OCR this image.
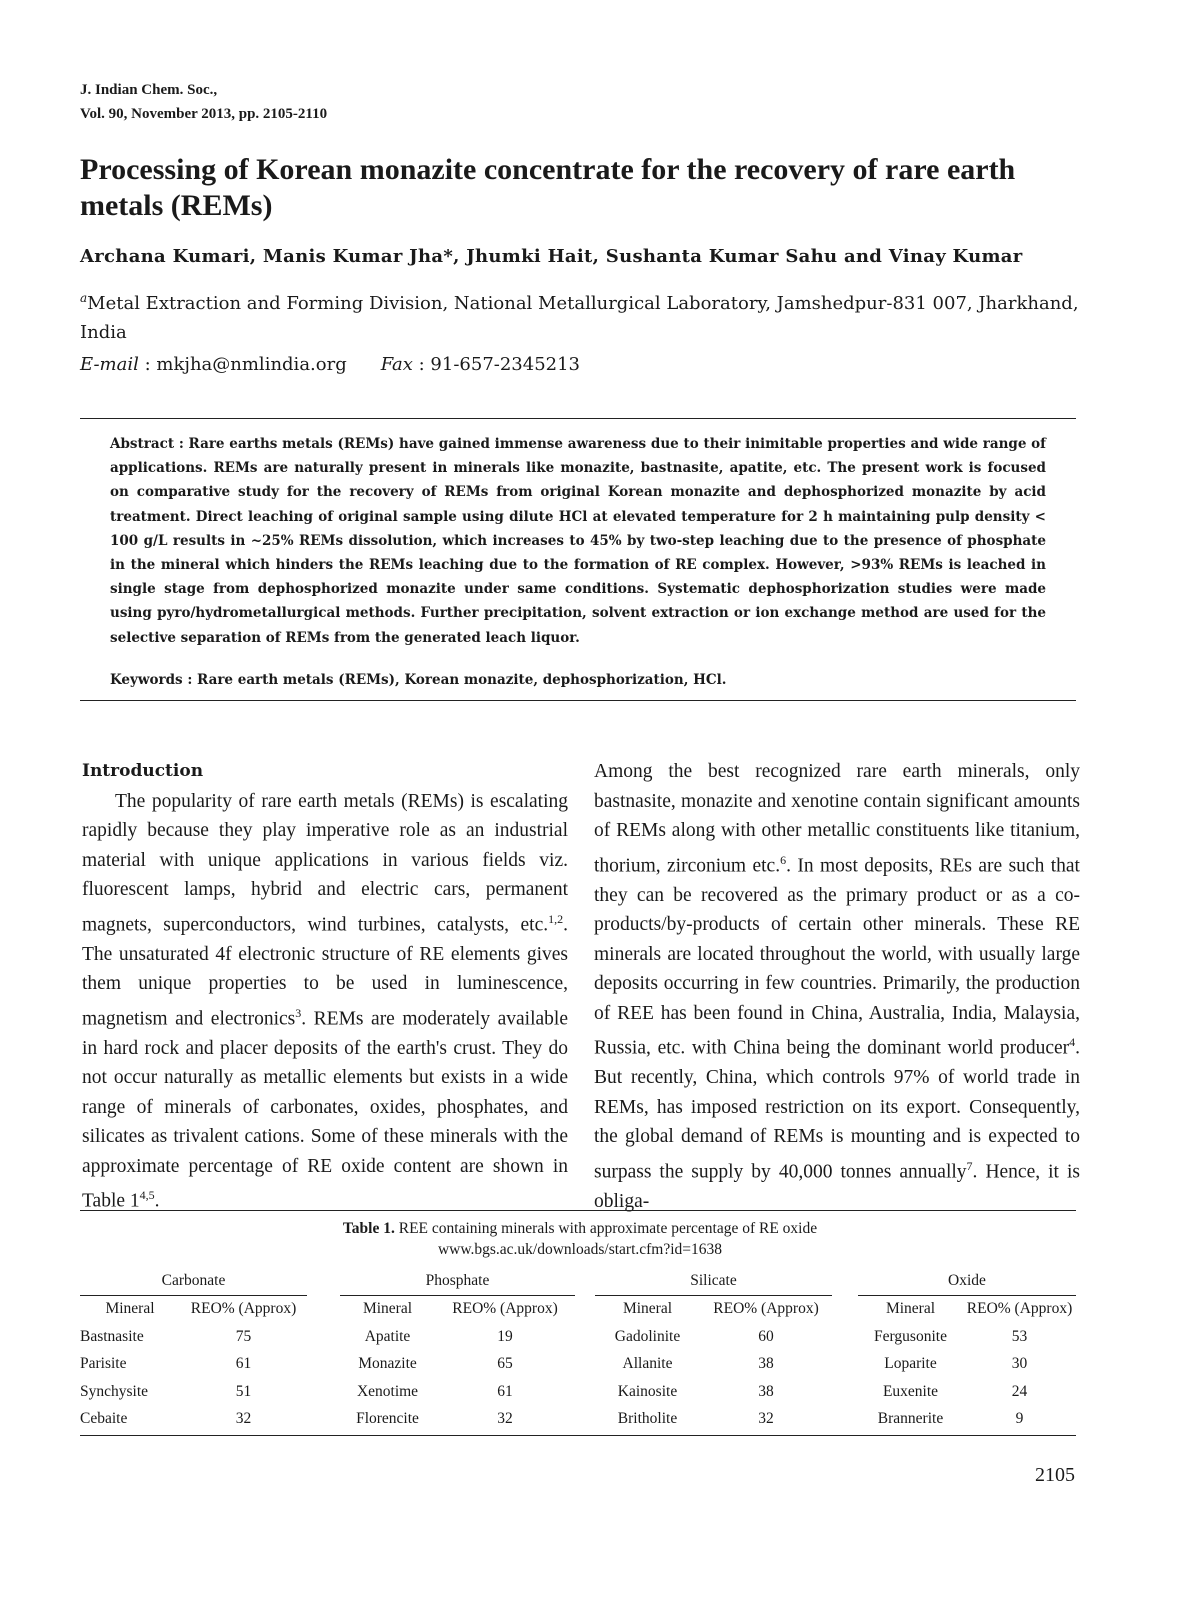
J. Indian Chem. Soc.,
Vol. 90, November 2013, pp. 2105-2110
Processing of Korean monazite concentrate for the recovery of rare earth metals (REMs)
Archana Kumari, Manis Kumar Jha*, Jhumki Hait, Sushanta Kumar Sahu and Vinay Kumar
$^a$Metal Extraction and Forming Division, National Metallurgical Laboratory, Jamshedpur-831 007, Jharkhand, India
E-mail : mkjha@nmlindia.org Fax : 91-657-2345213
Abstract : Rare earths metals (REMs) have gained immense awareness due to their inimitable properties and wide range of applications. REMs are naturally present in minerals like monazite, bastnasite, apatite, etc. The present work is focused on comparative study for the recovery of REMs from original Korean monazite and dephosphorized monazite by acid treatment. Direct leaching of original sample using dilute HCl at elevated temperature for 2 h maintaining pulp density < 100 g/L results in ~25% REMs dissolution, which increases to 45% by two-step leaching due to the presence of phosphate in the mineral which hinders the REMs leaching due to the formation of RE complex. However, >93% REMs is leached in single stage from dephosphorized monazite under same conditions. Systematic dephosphorization studies were made using pyro/hydrometallurgical methods. Further precipitation, solvent extraction or ion exchange method are used for the selective separation of REMs from the generated leach liquor.
Keywords : Rare earth metals (REMs), Korean monazite, dephosphorization, HCl.
Introduction

The popularity of rare earth metals (REMs) is escalating rapidly because they play imperative role as an industrial material with unique applications in various fields viz. fluorescent lamps, hybrid and electric cars, permanent magnets, superconductors, wind turbines, catalysts, etc.$^{1,2}$. The unsaturated 4f electronic structure of RE elements gives them unique properties to be used in luminescence, magnetism and electronics$^3$. REMs are moderately available in hard rock and placer deposits of the earth's crust. They do not occur naturally as metallic elements but exists in a wide range of minerals of carbonates, oxides, phosphates, and silicates as trivalent cations. Some of these minerals with the approximate percentage of RE oxide content are shown in Table 1$^{4,5}$.

Among the best recognized rare earth minerals, only bastnasite, monazite and xenotine contain significant amounts of REMs along with other metallic constituents like titanium, thorium, zirconium etc.$^6$. In most deposits, REs are such that they can be recovered as the primary product or as a co-products/by-products of certain other minerals. These RE minerals are located throughout the world, with usually large deposits occurring in few countries. Primarily, the production of REE has been found in China, Australia, India, Malaysia, Russia, etc. with China being the dominant world producer$^4$. But recently, China, which controls 97% of world trade in REMs, has imposed restriction on its export. Consequently, the global demand of REMs is mounting and is expected to surpass the supply by 40,000 tonnes annually$^7$. Hence, it is obliga-

Table 1. REE containing minerals with approximate percentage of RE oxide
www.bgs.ac.uk/downloads/start.cfm?id=1638
Carbonate			Phosphate			Silicate			Oxide	
Mineral	REO% (Approx)		Mineral	REO% (Approx)		Mineral	REO% (Approx)		Mineral	REO% (Approx)
Bastnasite	75		Apatite	19		Gadolinite	60		Fergusonite	53
Parisite	61		Monazite	65		Allanite	38		Loparite	30
Synchysite	51		Xenotime	61		Kainosite	38		Euxenite	24
Cebaite	32		Florencite	32		Britholite	32		Brannerite	9
2105
